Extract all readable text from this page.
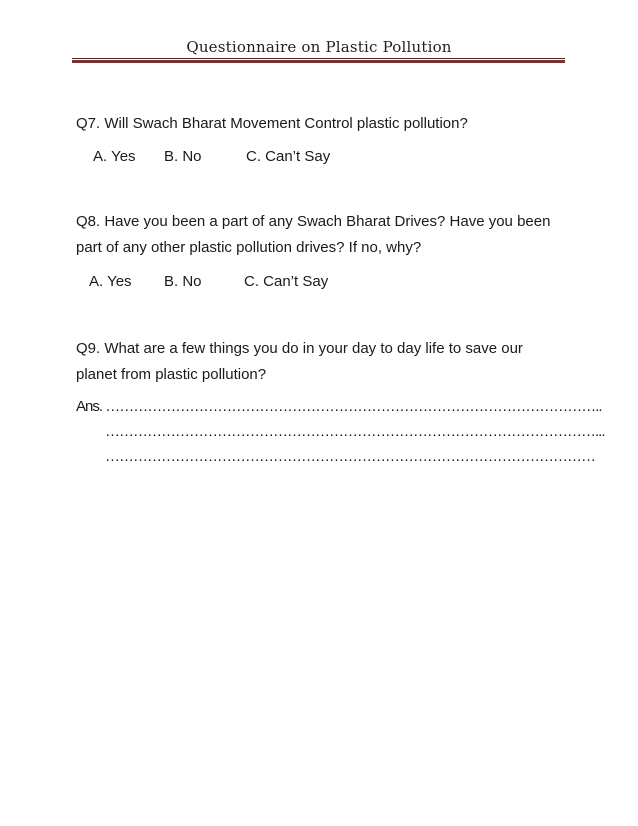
Questionnaire on Plastic Pollution
Q7. Will Swach Bharat Movement Control plastic pollution?
A. Yes	B. No	C. Can’t Say
Q8. Have you been a part of any Swach Bharat Drives? Have you been part of any other plastic pollution drives? If no, why?
A. Yes	B. No	C. Can’t Say
Q9. What are a few things you do in your day to day life to save our planet from plastic pollution?
Ans. ……………………………………………………………………………………………..
……………………………………………………………………………………………...
……………………………………………………………………………………………
